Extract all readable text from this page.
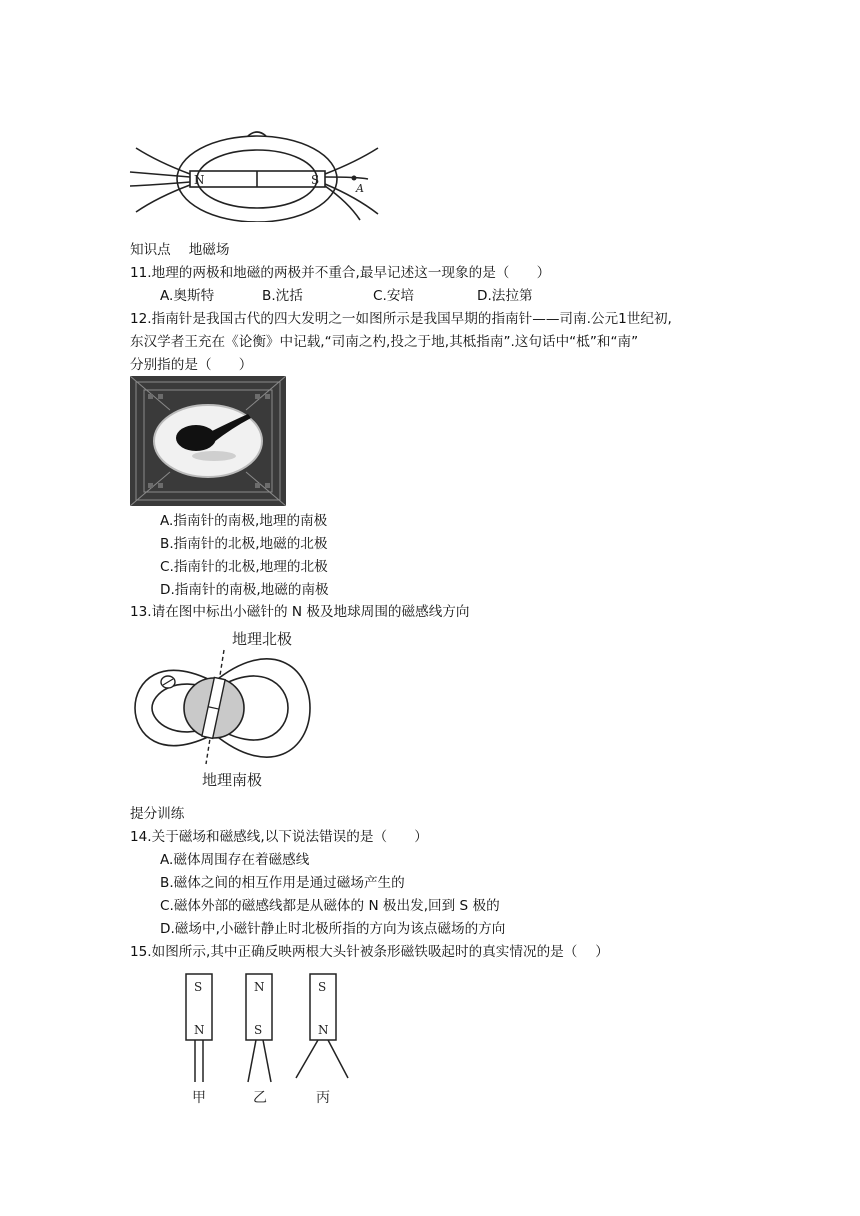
N	S
A
知识点　 地磁场
11.地理的两极和地磁的两极并不重合,最早记述这一现象的是（　　）
A.奥斯特	B.沈括	C.安培	D.法拉第
12.指南针是我国古代的四大发明之一如图所示是我国早期的指南针——司南.公元1世纪初,
东汉学者王充在《论衡》中记载,“司南之杓,投之于地,其柢指南”.这句话中“柢”和“南”
分别指的是（　　）
A.指南针的南极,地理的南极
B.指南针的北极,地磁的北极
C.指南针的北极,地理的北极
D.指南针的南极,地磁的南极
13.请在图中标出小磁针的 N 极及地球周围的磁感线方向
地理北极
地理南极
提分训练
14.关于磁场和磁感线,以下说法错误的是（　　）
A.磁体周围存在着磁感线
B.磁体之间的相互作用是通过磁场产生的
C.磁体外部的磁感线都是从磁体的 N 极出发,回到 S 极的
D.磁场中,小磁针静止时北极所指的方向为该点磁场的方向
15.如图所示,其中正确反映两根大头针被条形磁铁吸起时的真实情况的是（　 ）
S
N
N
S
S
N
甲	乙	丙
